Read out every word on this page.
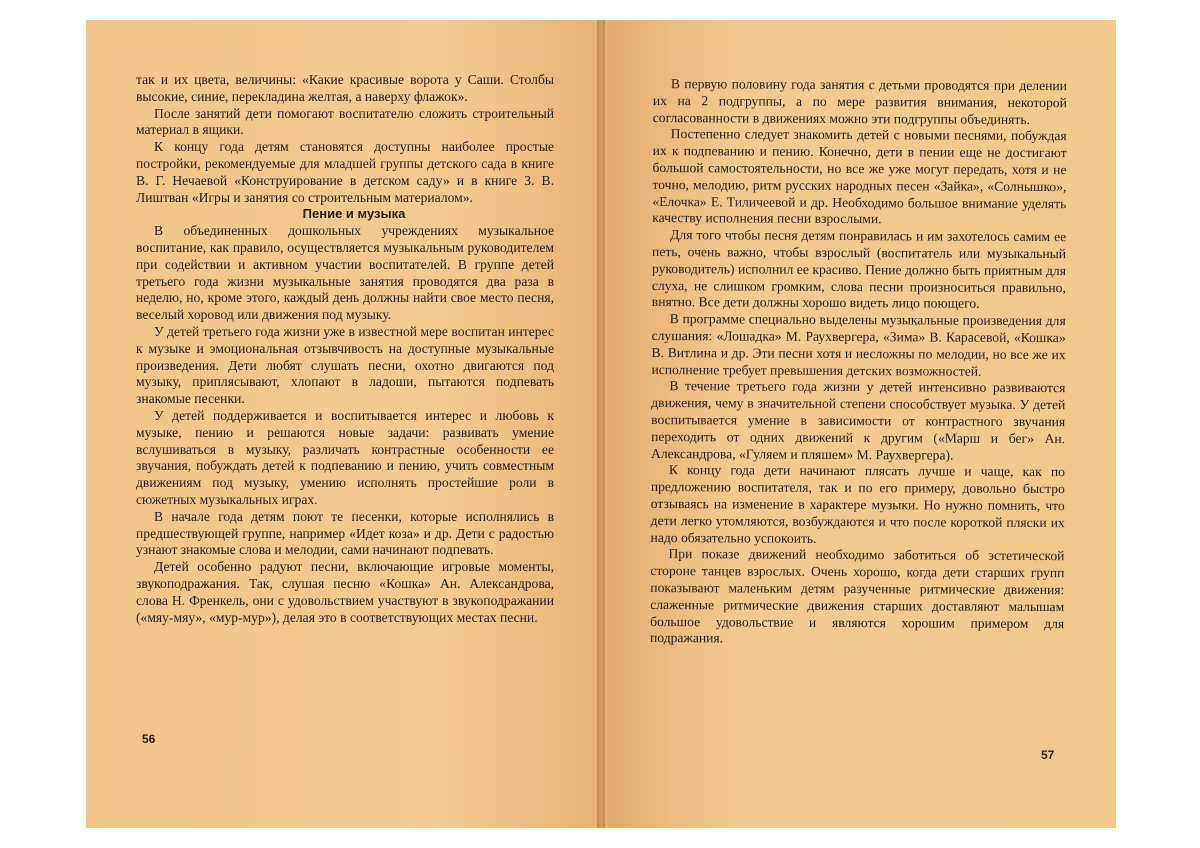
так и их цвета, величины: «Какие красивые ворота у Саши. Столбы высокие, синие, перекладина желтая, а наверху флажок».

После занятий дети помогают воспитателю сложить строительный материал в ящики.

К концу года детям становятся доступны наиболее простые постройки, рекомендуемые для младшей группы детского сада в книге В. Г. Нечаевой «Конструирование в детском саду» и в книге З. В. Лиштван «Игры и занятия со строительным материалом».

Пение и музыка

В объединенных дошкольных учреждениях музыкальное воспитание, как правило, осуществляется музыкальным руководителем при содействии и активном участии воспитателей. В группе детей третьего года жизни музыкальные занятия проводятся два раза в неделю, но, кроме этого, каждый день должны найти свое место песня, веселый хоровод или движения под музыку.

У детей третьего года жизни уже в известной мере воспитан интерес к музыке и эмоциональная отзывчивость на доступные музыкальные произведения. Дети любят слушать песни, охотно двигаются под музыку, приплясывают, хлопают в ладоши, пытаются подпевать знакомые песенки.

У детей поддерживается и воспитывается интерес и любовь к музыке, пению и решаются новые задачи: развивать умение вслушиваться в музыку, различать контрастные особенности ее звучания, побуждать детей к подпеванию и пению, учить совместным движениям под музыку, умению исполнять простейшие роли в сюжетных музыкальных играх.

В начале года детям поют те песенки, которые исполнялись в предшествующей группе, например «Идет коза» и др. Дети с радостью узнают знакомые слова и мелодии, сами начинают подпевать.

Детей особенно радуют песни, включающие игровые моменты, звукоподражания. Так, слушая песню «Кошка» Ан. Александрова, слова Н. Френкель, они с удовольствием участвуют в звукоподражании («мяу-мяу», «мур-мур»), делая это в соответствующих местах песни.

56

В первую половину года занятия с детьми проводятся при делении их на 2 подгруппы, а по мере развития внимания, некоторой согласованности в движениях можно эти подгруппы объединять.

Постепенно следует знакомить детей с новыми песнями, побуждая их к подпеванию и пению. Конечно, дети в пении еще не достигают большой самостоятельности, но все же уже могут передать, хотя и не точно, мелодию, ритм русских народных песен «Зайка», «Солнышко», «Елочка» Е. Тиличеевой и др. Необходимо большое внимание уделять качеству исполнения песни взрослыми.

Для того чтобы песня детям понравилась и им захотелось самим ее петь, очень важно, чтобы взрослый (воспитатель или музыкальный руководитель) исполнил ее красиво. Пение должно быть приятным для слуха, не слишком громким, слова песни произноситься правильно, внятно. Все дети должны хорошо видеть лицо поющего.

В программе специально выделены музыкальные произведения для слушания: «Лошадка» М. Раухвергера, «Зима» В. Карасевой, «Кошка» В. Витлина и др. Эти песни хотя и несложны по мелодии, но все же их исполнение требует превышения детских возможностей.

В течение третьего года жизни у детей интенсивно развиваются движения, чему в значительной степени способствует музыка. У детей воспитывается умение в зависимости от контрастного звучания переходить от одних движений к другим («Марш и бег» Ан. Александрова, «Гуляем и пляшем» М. Раухвергера).

К концу года дети начинают плясать лучше и чаще, как по предложению воспитателя, так и по его примеру, довольно быстро отзываясь на изменение в характере музыки. Но нужно помнить, что дети легко утомляются, возбуждаются и что после короткой пляски их надо обязательно успокоить.

При показе движений необходимо заботиться об эстетической стороне танцев взрослых. Очень хорошо, когда дети старших групп показывают маленьким детям разученные ритмические движения: слаженные ритмические движения старших доставляют малышам большое удовольствие и являются хорошим примером для подражания.

57
